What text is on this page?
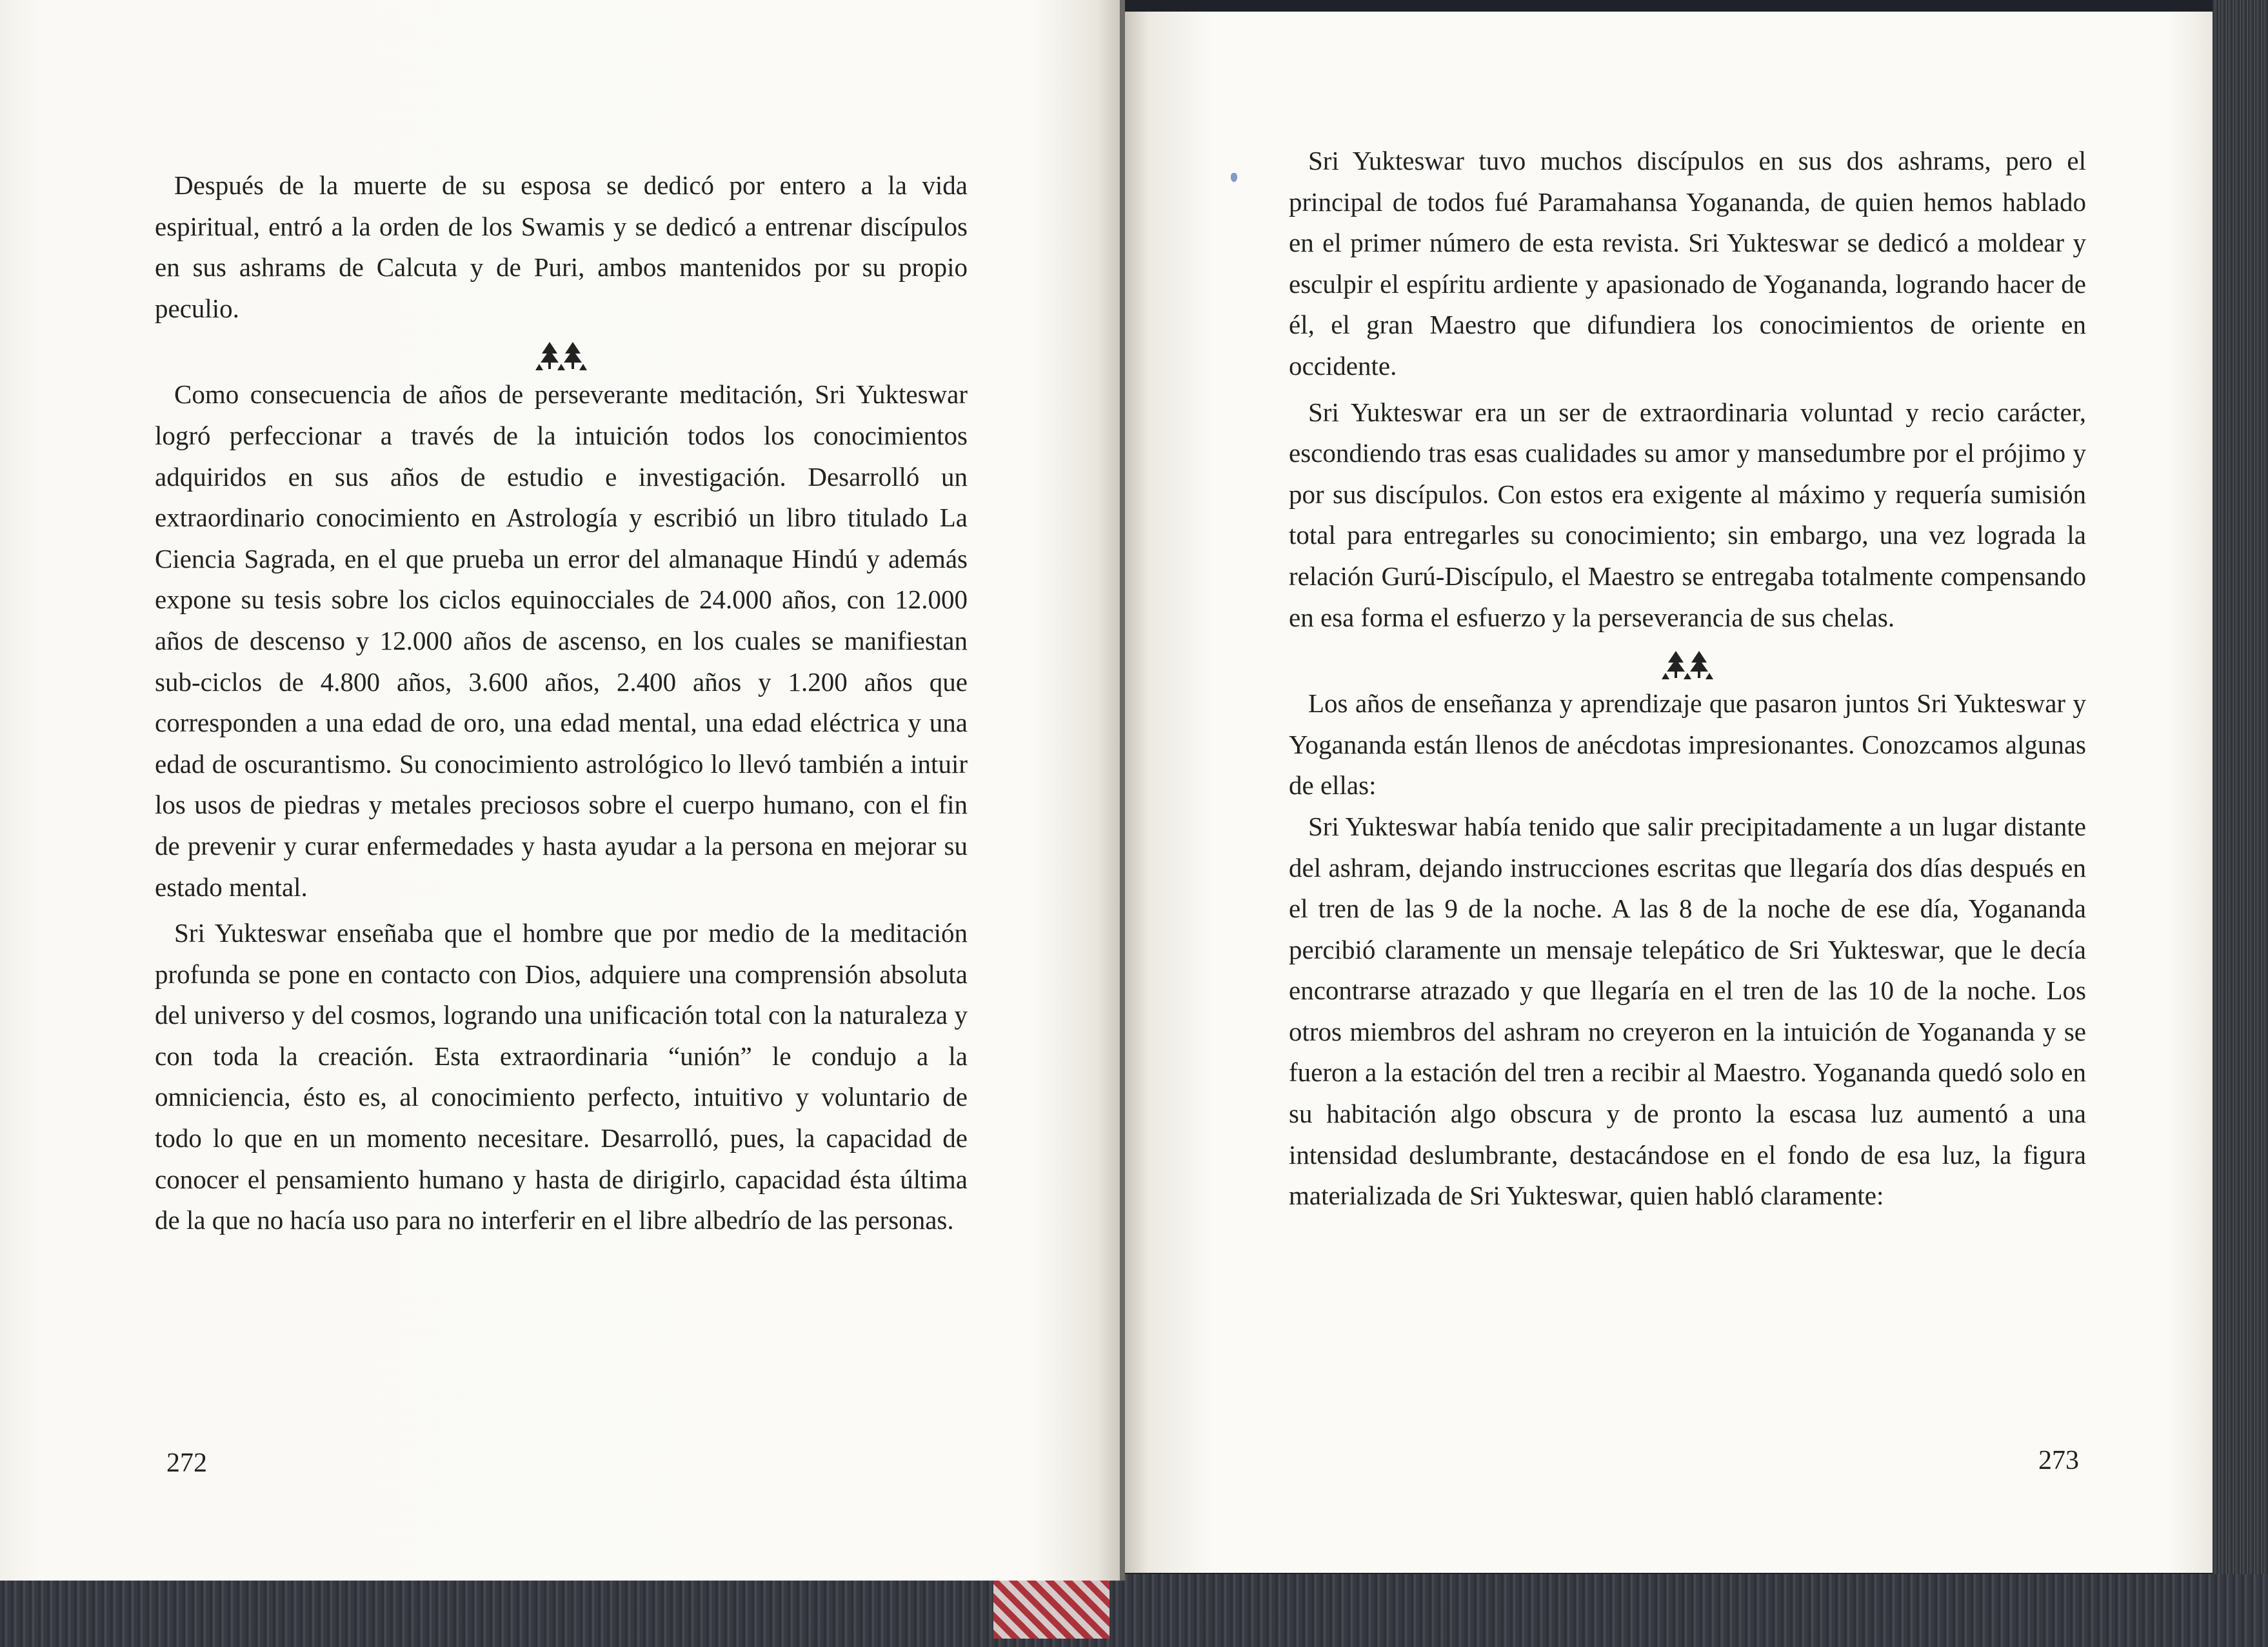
Después de la muerte de su esposa se dedicó por entero a la vida espiritual, entró a la orden de los Swamis y se dedicó a entrenar discípulos en sus ashrams de Calcuta y de Puri, ambos mantenidos por su propio peculio.

Como consecuencia de años de perseverante meditación, Sri Yukteswar logró perfeccionar a través de la intuición todos los conocimientos adquiridos en sus años de estudio e investigación. Desarrolló un extraordinario conocimiento en Astrología y escribió un libro titulado La Ciencia Sagrada, en el que prueba un error del almanaque Hindú y además expone su tesis sobre los ciclos equinocciales de 24.000 años, con 12.000 años de descenso y 12.000 años de ascenso, en los cuales se manifiestan sub-ciclos de 4.800 años, 3.600 años, 2.400 años y 1.200 años que corresponden a una edad de oro, una edad mental, una edad eléctrica y una edad de oscurantismo. Su conocimiento astrológico lo llevó también a intuir los usos de piedras y metales preciosos sobre el cuerpo humano, con el fin de prevenir y curar enfermedades y hasta ayudar a la persona en mejorar su estado mental.

Sri Yukteswar enseñaba que el hombre que por medio de la meditación profunda se pone en contacto con Dios, adquiere una comprensión absoluta del universo y del cosmos, logrando una unificación total con la naturaleza y con toda la creación. Esta extraordinaria “unión” le condujo a la omniciencia, ésto es, al conocimiento perfecto, intuitivo y voluntario de todo lo que en un momento necesitare. Desarrolló, pues, la capacidad de conocer el pensamiento humano y hasta de dirigirlo, capacidad ésta última de la que no hacía uso para no interferir en el libre albedrío de las personas.

272

Sri Yukteswar tuvo muchos discípulos en sus dos ashrams, pero el principal de todos fué Paramahansa Yogananda, de quien hemos hablado en el primer número de esta revista. Sri Yukteswar se dedicó a moldear y esculpir el espíritu ardiente y apasionado de Yogananda, logrando hacer de él, el gran Maestro que difundiera los conocimientos de oriente en occidente.

Sri Yukteswar era un ser de extraordinaria voluntad y recio carácter, escondiendo tras esas cualidades su amor y mansedumbre por el prójimo y por sus discípulos. Con estos era exigente al máximo y requería sumisión total para entregarles su conocimiento; sin embargo, una vez lograda la relación Gurú-Discípulo, el Maestro se entregaba totalmente compensando en esa forma el esfuerzo y la perseverancia de sus chelas.

Los años de enseñanza y aprendizaje que pasaron juntos Sri Yukteswar y Yogananda están llenos de anécdotas impresionantes. Conozcamos algunas de ellas:

Sri Yukteswar había tenido que salir precipitadamente a un lugar distante del ashram, dejando instrucciones escritas que llegaría dos días después en el tren de las 9 de la noche. A las 8 de la noche de ese día, Yogananda percibió claramente un mensaje telepático de Sri Yukteswar, que le decía encontrarse atrazado y que llegaría en el tren de las 10 de la noche. Los otros miembros del ashram no creyeron en la intuición de Yogananda y se fueron a la estación del tren a recibir al Maestro. Yogananda quedó solo en su habitación algo obscura y de pronto la escasa luz aumentó a una intensidad deslumbrante, destacándose en el fondo de esa luz, la figura materializada de Sri Yukteswar, quien habló claramente:

273
